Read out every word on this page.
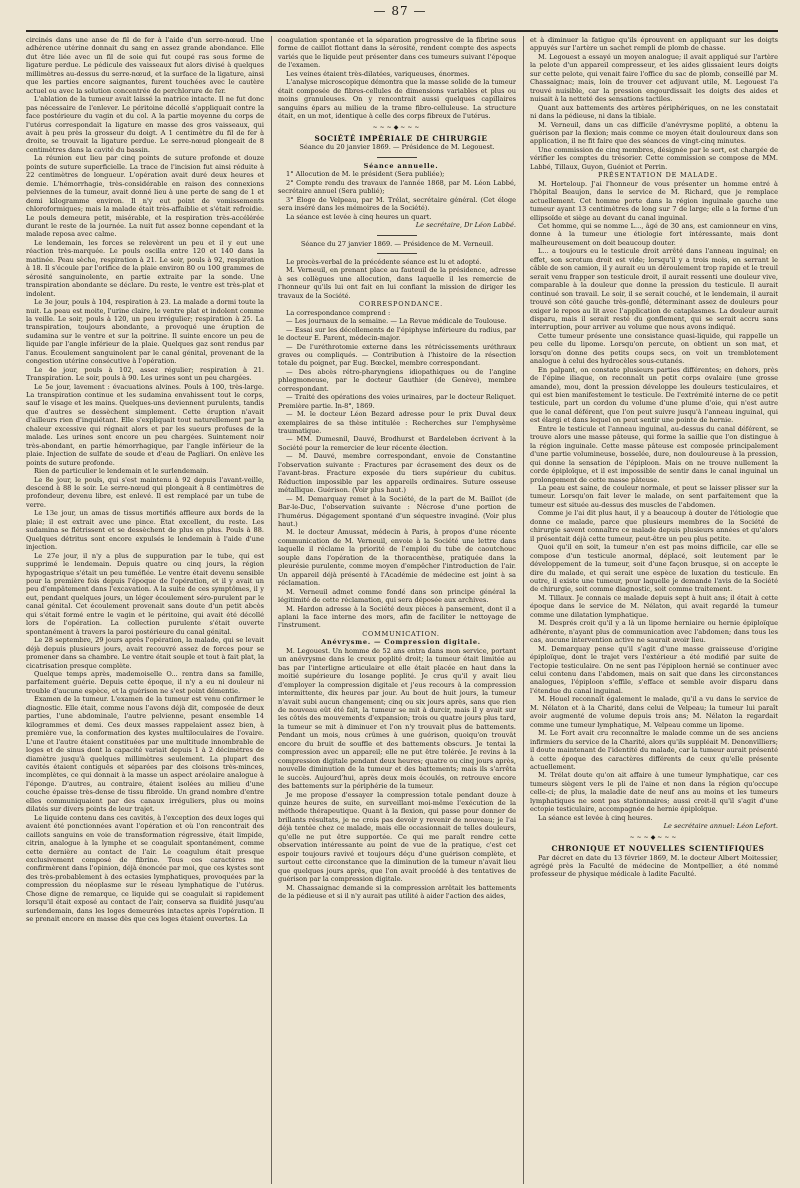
— 87 —

circinés dans une anse de fil de fer à l'aide d'un serre-nœud. Une adhérence utérine donnait du sang en assez grande abondance. Elle dut être liée avec un fil de soie qui fut coupé ras sous forme de ligature perdue. Le pédicule des vaisseaux fut alors divisé à quelques millimètres au-dessus du serre-nœud, et la surface de la ligature, ainsi que les parties encore saignantes, furent touchées avec le cautère actuel ou avec la solution concentrée de perchlorure de fer.

L'ablation de la tumeur avait laissé la matrice intacte. Il ne fut donc pas nécessaire de l'enlever. Le péritoine décollé s'appliquait contre la face postérieure du vagin et du col. A la partie moyenne du corps de l'utérus correspondait la ligature en masse des gros vaisseaux, qui avait à peu près la grosseur du doigt. A 1 centimètre du fil de fer à droite, se trouvait la ligature perdue. Le serre-nœud plongeait de 8 centimètres dans la cavité du bassin.

La réunion eut lieu par cinq points de suture profonde et douze points de suture superficielle. La trace de l'incision fut ainsi réduite à 22 centimètres de longueur. L'opération avait duré deux heures et demie. L'hémorrhagie, très-considérable en raison des connexions pelviennes de la tumeur, avait donné lieu à une perte de sang de 1 et demi kilogramme environ. Il n'y eut point de vomissements chloroformiques; mais la malade était très-affaiblie et s'était refroidie. Le pouls demeura petit, misérable, et la respiration très-accélérée durant le reste de la journée. La nuit fut assez bonne cependant et la malade reposa avec calme.

Le lendemain, les forces se relevèrent un peu et il y eut une réaction très-marquée. Le pouls oscilla entre 120 et 140 dans la matinée. Peau sèche, respiration à 21. Le soir, pouls à 92, respiration à 18. Il s'écoule par l'orifice de la plaie environ 80 ou 100 grammes de sérosité sanguinolente, en partie extraite par la sonde. Une transpiration abondante se déclare. Du reste, le ventre est très-plat et indolent.

Le 3e jour, pouls à 104, respiration à 23. La malade a dormi toute la nuit. La peau est moite, l'urine claire, le ventre plat et indolent comme la veille. Le soir, pouls à 120, un peu irrégulier; respiration à 25. La transpiration, toujours abondante, a provoqué une éruption de sudamina sur le ventre et sur la poitrine. Il suinte encore un peu de liquide par l'angle inférieur de la plaie. Quelques gaz sont rendus par l'anus. Écoulement sanguinolent par le canal génital, provenant de la congestion utérine consécutive à l'opération.

Le 4e jour, pouls à 102, assez régulier; respiration à 21. Transpiration. Le soir, pouls à 90. Les urines sont un peu chargées.

Le 5e jour, lavement : évacuations alvines. Pouls à 100, très-large. La transpiration continue et les sudamina envahissent tout le corps, sauf le visage et les mains. Quelques-uns deviennent purulents, tandis que d'autres se dessèchent simplement. Cette éruption n'avait d'ailleurs rien d'inquiétant. Elle s'expliquait tout naturellement par la chaleur excessive qui régnait alors et par les sueurs profuses de la malade. Les urines sont encore un peu chargées. Suintement noir très-abondant, en partie hémorrhagique, par l'angle inférieur de la plaie. Injection de sulfate de soude et d'eau de Pagliari. On enlève les points de suture profonde.

Rien de particulier le lendemain et le surlendemain.

Le 8e jour, le pouls, qui s'est maintenu à 92 depuis l'avant-veille, descend à 88 le soir. Le serre-nœud qui plongeait à 8 centimètres de profondeur, devenu libre, est enlevé. Il est remplacé par un tube de verre.

Le 13e jour, un amas de tissus mortifiés affleure aux bords de la plaie; il est extrait avec une pince. État excellent, du reste. Les sudamina se flétrissent et se dessèchent de plus en plus. Pouls à 88. Quelques détritus sont encore expulsés le lendemain à l'aide d'une injection.

Le 27e jour, il n'y a plus de suppuration par le tube, qui est supprimé le lendemain. Depuis quatre ou cinq jours, la région hypogastrique s'était un peu tuméfiée. Le ventre était devenu sensible pour la première fois depuis l'époque de l'opération, et il y avait un peu d'empâtement dans l'excavation. A la suite de ces symptômes, il y eut, pendant quelques jours, un léger écoulement séro-purulent par le canal génital. Cet écoulement provenait sans doute d'un petit abcès qui s'était formé entre le vagin et le péritoine, qui avait été décollé lors de l'opération. La collection purulente s'était ouverte spontanément à travers la paroi postérieure du canal génital.

Le 28 septembre, 29 jours après l'opération, la malade, qui se levait déjà depuis plusieurs jours, avait recouvré assez de forces pour se promener dans sa chambre. Le ventre était souple et tout à fait plat, la cicatrisation presque complète.

Quelque temps après, mademoiselle O... rentra dans sa famille, parfaitement guérie. Depuis cette époque, il n'y a eu ni douleur ni trouble d'aucune espèce, et la guérison ne s'est point démentie.

Examen de la tumeur. L'examen de la tumeur est venu confirmer le diagnostic. Elle était, comme nous l'avons déjà dit, composée de deux parties, l'une abdominale, l'autre pelvienne, pesant ensemble 14 kilogrammes et demi. Ces deux masses rappelaient assez bien, à première vue, la conformation des kystes multiloculaires de l'ovaire. L'une et l'autre étaient constituées par une multitude innombrable de loges et de sinus dont la capacité variait depuis 1 à 2 décimètres de diamètre jusqu'à quelques millimètres seulement. La plupart des cavités étaient contiguës et séparées par des cloisons très-minces, incomplètes, ce qui donnait à la masse un aspect aréolaire analogue à l'éponge. D'autres, au contraire, étaient isolées au milieu d'une couche épaisse très-dense de tissu fibroïde. Un grand nombre d'entre elles communiquaient par des canaux irréguliers, plus ou moins dilatés sur divers points de leur trajet.

Le liquide contenu dans ces cavités, à l'exception des deux loges qui avaient été ponctionnées avant l'opération et où l'on rencontrait des caillots sanguins en voie de transformation régressive, était limpide, citrin, analogue à la lymphe et se coagulait spontanément, comme cette dernière au contact de l'air. Le coagulum était presque exclusivement composé de fibrine. Tous ces caractères me confirmèrent dans l'opinion, déjà énoncée par moi, que ces kystes sont des très-probablement à des ectasies lymphatiques, provoquées par la compression du néoplasme sur le réseau lymphatique de l'utérus. Chose digne de remarque, ce liquide qui se coagulait si rapidement lorsqu'il était exposé au contact de l'air, conserva sa fluidité jusqu'au surlendemain, dans les loges demeurées intactes après l'opération. Il se prenait encore en masse dès que ces loges étaient ouvertes. La

coagulation spontanée et la séparation progressive de la fibrine sous forme de caillot flottant dans la sérosité, rendent compte des aspects variés que le liquide peut présenter dans ces tumeurs suivant l'époque de l'examen.

Les veines étaient très-dilatées, variqueuses, énormes.

L'analyse microscopique démontra que la masse solide de la tumeur était composée de fibres-cellules de dimensions variables et plus ou moins granuleuses. On y rencontrait aussi quelques capillaires sanguins épars au milieu de la trame fibro-celluleuse. La structure était, en un mot, identique à celle des corps fibreux de l'utérus.

~~~◆~~~

SOCIÉTÉ IMPÉRIALE DE CHIRURGIE

Séance du 20 janvier 1869. — Présidence de M. Legouest.

Séance annuelle.

1° Allocution de M. le président (Sera publiée);

2° Compte rendu des travaux de l'année 1868, par M. Léon Labbé, secrétaire annuel (Sera publié);

3° Éloge de Velpeau, par M. Trélat, secrétaire général. (Cet éloge sera inséré dans les mémoires de la Société).

La séance est levée à cinq heures un quart.

Le secrétaire, Dr Léon Labbé.

Séance du 27 janvier 1869. — Présidence de M. Verneuil.

Le procès-verbal de la précédente séance est lu et adopté.

M. Verneuil, en prenant place au fauteuil de la présidence, adresse à ses collègues une allocution, dans laquelle il les remercie de l'honneur qu'ils lui ont fait en lui confiant la mission de diriger les travaux de la Société.

CORRESPONDANCE.

La correspondance comprend :

— Les journaux de la semaine. — La Revue médicale de Toulouse.

— Essai sur les décollements de l'épiphyse inférieure du radius, par le docteur E. Parent, médecin-major.

— De l'uréthrotomie externe dans les rétrécissements uréthraux graves ou compliqués. — Contribution à l'histoire de la résection totale du poignet, par Eug. Bœckel, membre correspondant.

— Des abcès rétro-pharyngiens idiopathiques ou de l'angine phlegmoneuse, par le docteur Gauthier (de Genève), membre correspondant.

— Traité des opérations des voies urinaires, par le docteur Reliquet. Première partie. In-8°, 1869.

— M. le docteur Léon Bezard adresse pour le prix Duval deux exemplaires de sa thèse intitulée : Recherches sur l'emphysème traumatique.

— MM. Dumesnil, Dauvé, Brodhurst et Bardeleben écrivent à la Société pour la remercier de leur récente élection.

— M. Dauvé, membre correspondant, envoie de Constantine l'observation suivante : Fractures par écrasement des deux os de l'avant-bras. Fracture exposée du tiers supérieur du cubitus. Réduction impossible par les appareils ordinaires. Suture osseuse métallique. Guérison. (Voir plus haut.)

— M. Demarquay remet à la Société, de la part de M. Baillot (de Bar-le-Duc, l'observation suivante : Nécrose d'une portion de l'humérus. Dégagement spontané d'un séquestre invaginé. (Voir plus haut.)

M. le docteur Amussat, médecin à Paris, à propos d'une récente communication de M. Verneuil, envoie à la Société une lettre dans laquelle il réclame la priorité de l'emploi du tube de caoutchouc souple dans l'opération de la thoracenthèse, pratiquée dans la pleurésie purulente, comme moyen d'empêcher l'introduction de l'air. Un appareil déjà présenté à l'Académie de médecine est joint à sa réclamation.

M. Verneuil admet comme fondé dans son principe général la légitimité de cette réclamation, qui sera déposée aux archives.

M. Hardon adresse à la Société deux pièces à pansement, dont il a aplani la face interne des mors, afin de faciliter le nettoyage de l'instrument.

COMMUNICATION.

Anévrysme. — Compression digitale.

M. Legouest. Un homme de 52 ans entra dans mon service, portant un anévrysme dans le creux poplité droit; la tumeur était limitée au bas par l'interligne articulaire et elle était placée en haut dans la moitié supérieure du losange poplité. Je crus qu'il y avait lieu d'employer la compression digitale et j'eus recours à la compression intermittente, dix heures par jour. Au bout de huit jours, la tumeur n'avait subi aucun changement; cinq ou six jours après, sans que rien de nouveau eût été fait, la tumeur se mit à durcir, mais il y avait sur les côtés des mouvements d'expansion; trois ou quatre jours plus tard, la tumeur se mit à diminuer et l'on n'y trouvait plus de battements. Pendant un mois, nous crûmes à une guérison, quoiqu'on trouvât encore du bruit de souffle et des battements obscurs. Je tentai la compression avec un appareil; elle ne put être tolérée. Je revins à la compression digitale pendant deux heures; quatre ou cinq jours après, nouvelle diminution de la tumeur et des battements; mais ils s'arrêta le succès. Aujourd'hui, après deux mois écoulés, on retrouve encore des battements sur la périphérie de la tumeur.

Je me propose d'essayer la compression totale pendant douze à quinze heures de suite, en surveillant moi-même l'exécution de la méthode thérapeutique. Quant à la flexion, qui passe pour donner de brillants résultats, je ne crois pas devoir y revenir de nouveau; je l'ai déjà tentée chez ce malade, mais elle occasionnait de telles douleurs, qu'elle ne put être supportée. Ce qui me paraît rendre cette observation intéressante au point de vue de la pratique, c'est cet espoir toujours ravivé et toujours déçu d'une guérison complète, et surtout cette circonstance que la diminution de la tumeur n'avait lieu que quelques jours après, que l'on avait procédé à des tentatives de guérison par la compression digitale.

M. Chassaignac demande si la compression arrêtait les battements de la pédieuse et si il n'y aurait pas utilité à aider l'action des aides,

et à diminuer la fatigue qu'ils éprouvent en appliquant sur les doigts appuyés sur l'artère un sachet rempli de plomb de chasse.

M. Legouest a essayé un moyen analogue; il avait appliqué sur l'artère la pelote d'un appareil compresseur, et les aides glissaient leurs doigts sur cette pelote, qui venait faire l'office du sac de plomb, conseillé par M. Chassaignac; mais, loin de trouver cet adjuvant utile, M. Legouest l'a trouvé nuisible, car la pression engourdissait les doigts des aides et nuisait à la netteté des sensations tactiles.

Quant aux battements des artères périphériques, on ne les constatait ni dans la pédieuse, ni dans la tibiale.

M. Verneuil, dans un cas difficile d'anévrysme poplité, a obtenu la guérison par la flexion; mais comme ce moyen était douloureux dans son application, il ne fit faire que des séances de vingt-cinq minutes.

Une commission de cinq membres, désignée par le sort, est chargée de vérifier les comptes du trésorier. Cette commission se compose de MM. Labbé, Tillaux, Guyon, Guéniot et Perrin.

PRÉSENTATION DE MALADE.

M. Horteloup. J'ai l'honneur de vous présenter un homme entré à l'hôpital Beaujon, dans le service de M. Richard, que je remplace actuellement. Cet homme porte dans la région inguinale gauche une tumeur ayant 13 centimètres de long sur 7 de large; elle a la forme d'un ellipsoïde et siège au devant du canal inguinal.

Cet homme, qui se nomme L..., âgé de 30 ans, est camionneur en vins, donne à la tumeur une étiologie fort intéressante, mais dont malheureusement on doit beaucoup douter.

L... a toujours eu le testicule droit arrêté dans l'anneau inguinal; en effet, son scrotum droit est vide; lorsqu'il y a trois mois, en serrant le câble de son camion, il y aurait eu un déroulement trop rapide et le treuil serait venu frapper son testicule droit, il aurait ressenti une douleur vive, comparable à la douleur que donne la pression du testicule. Il aurait continué son travail. Le soir, il se serait couché, et le lendemain, il aurait trouvé son côté gauche très-gonflé, déterminant assez de douleurs pour exiger le repos au lit avec l'application de cataplasmes. La douleur aurait disparu, mais il serait resté du gonflement, qui se serait accru sans interruption, pour arriver au volume que nous avons indiqué.

Cette tumeur présente une consistance quasi-liquide, qui rappelle un peu celle du lipome. Lorsqu'on percute, on obtient un son mat, et lorsqu'on donne des petits coups secs, on voit un tremblotement analogue à celui des hydrocèles sous-cutanés.

En palpant, on constate plusieurs parties différentes; en dehors, près de l'épine iliaque, on reconnaît un petit corps ovalaire (une grosse amande), mou, dont la pression développe les douleurs testiculaires, et qui est bien manifestement le testicule. De l'extrémité interne de ce petit testicule, part un cordon du volume d'une plume d'oie, qui n'est autre que le canal déférent, que l'on peut suivre jusqu'à l'anneau inguinal, qui est élargi et dans lequel on peut sentir une pointe de hernie.

Entre le testicule et l'anneau inguinal, au-dessus du canal déférent, se trouve alors une masse pâteuse, qui forme la saillie que l'on distingue à la région inguinale. Cette masse pâteuse est composée principalement d'une partie volumineuse, bosselée, dure, non douloureuse à la pression, qui donne la sensation de l'épiploon. Mais on ne trouve nullement la corde épiploïque, et il est impossible de sentir dans le canal inguinal un prolongement de cette masse pâteuse.

La peau est saine, de couleur normale, et peut se laisser plisser sur la tumeur. Lorsqu'on fait lever le malade, on sent parfaitement que la tumeur est située au-dessus des muscles de l'abdomen.

Comme je l'ai dit plus haut, il y a beaucoup à douter de l'étiologie que donne ce malade, parce que plusieurs membres de la Société de chirurgie savent connaître ce malade depuis plusieurs années et qu'alors il présentait déjà cette tumeur, peut-être un peu plus petite.

Quoi qu'il en soit, la tumeur n'en est pas moins difficile, car elle se compose d'un testicule anormal, déplacé, soit leutement par le développement de la tumeur, soit d'une façon brusque, si on accepte le dire du malade, et qui serait une espèce de luxation du testicule. En outre, il existe une tumeur, pour laquelle je demande l'avis de la Société de chirurgie, soit comme diagnostic, soit comme traitement.

M. Tillaux. Je connais ce malade depuis sept à huit ans; il était à cette époque dans le service de M. Nélaton, qui avait regardé la tumeur comme une dilatation lymphatique.

M. Després croit qu'il y a là un lipome herniaire ou hernie épiploïque adhérente, n'ayant plus de communication avec l'abdomen; dans tous les cas, aucune intervention active ne saurait avoir lieu.

M. Demarquay pense qu'il s'agit d'une masse graisseuse d'origine épiploïque, dont le trajet vers l'extérieur a été modifié par suite de l'ectopie testiculaire. On ne sent pas l'épiploon hernié se continuer avec celui contenu dans l'abdomen, mais on sait que dans les circonstances analogues, l'épiploon s'effile, s'efface et semble avoir disparu dans l'étendue du canal inguinal.

M. Houel reconnaît également le malade, qu'il a vu dans le service de M. Nélaton et à la Charité, dans celui de Velpeau; la tumeur lui paraît avoir augmenté de volume depuis trois ans; M. Nélaton la regardait comme une tumeur lymphatique, M. Velpeau comme un lipome.

M. Le Fort avait cru reconnaître le malade comme un de ses anciens infirmiers du service de la Charité, alors qu'ils suppléait M. Denonvilliers; il doute maintenant de l'identité du malade, car la tumeur aurait présenté à cette époque des caractères différents de ceux qu'elle présente actuellement.

M. Trélat doute qu'on ait affaire à une tumeur lymphatique, car ces tumeurs siègent vers le pli de l'aine et non dans la région qu'occupe celle-ci; de plus, la maladie date de neuf ans au moins et les tumeurs lymphatiques ne sont pas stationnaires; aussi croit-il qu'il s'agit d'une ectopie testiculaire, accompagnée de hernie épiploïque.

La séance est levée à cinq heures.

Le secrétaire annuel: Léon Lefort.

~~~◆~~~

CHRONIQUE ET NOUVELLES SCIENTIFIQUES

Par décret en date du 13 février 1869, M. le docteur Albert Moitessier, agrégé près la Faculté de médecine de Montpellier, a été nommé professeur de physique médicale à ladite Faculté.
